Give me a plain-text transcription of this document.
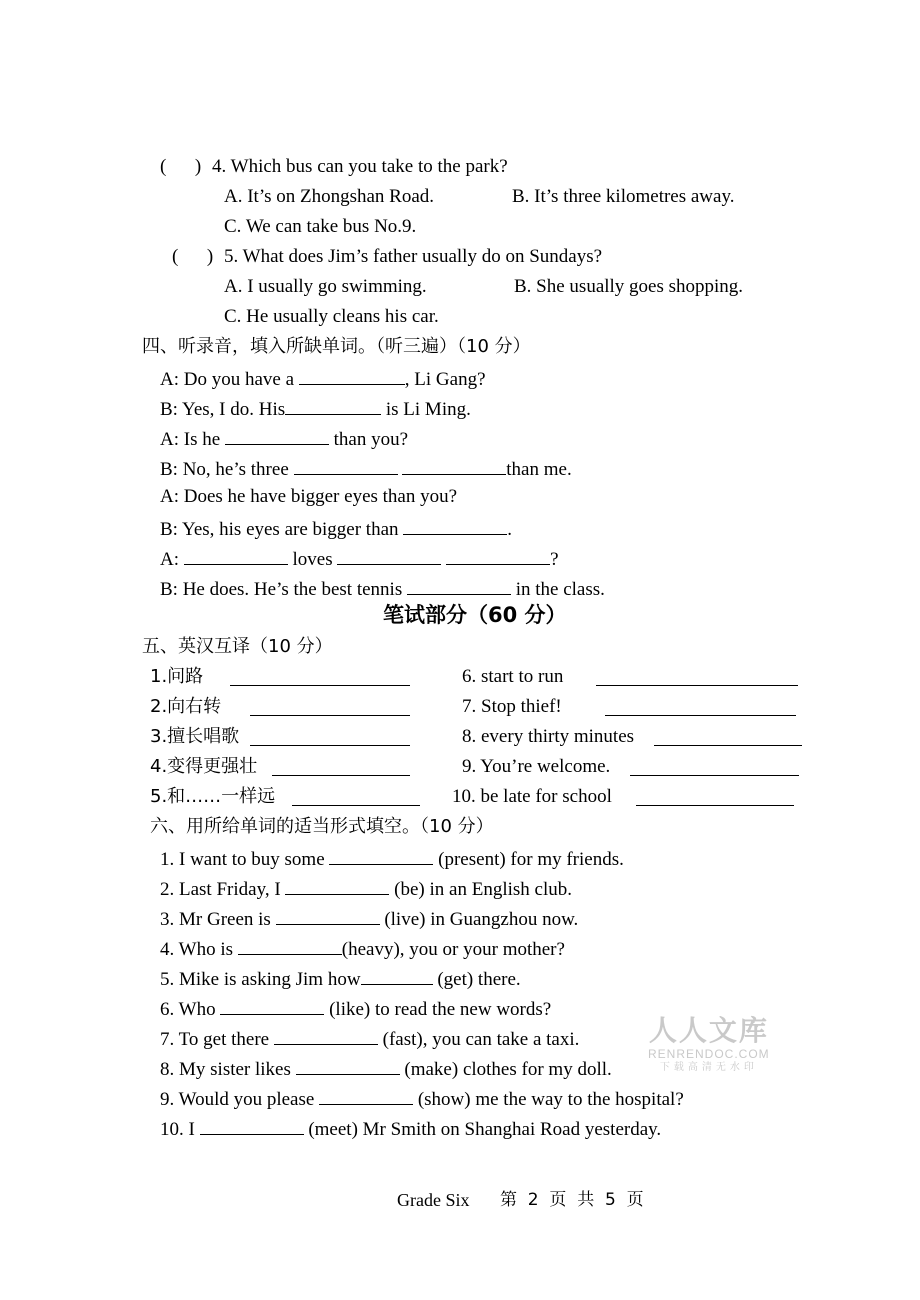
(      ) 4. Which bus can you take to the park?
A. It’s on Zhongshan Road.	B. It’s three kilometres away.
C. We can take bus No.9.
(      ) 5. What does Jim’s father usually do on Sundays?
A. I usually go swimming.	B. She usually goes shopping.
C. He usually cleans his car.
四、听录音，填入所缺单词。（听三遍）（10 分）
A: Do you have a	, Li Gang?
B: Yes, I do. His	is Li Ming.
A: Is he	than you?
B: No, he’s three	than me.
A: Does he have bigger eyes than you?
B: Yes, his eyes are bigger than	.
A:	loves	?
B: He does. He’s the best tennis	in the class.
笔试部分（60 分）
五、英汉互译（10 分）
1.问路
2.向右转
3.擅长唱歌
4.变得更强壮
5.和……一样远
6. start to run
7. Stop thief!
8. every thirty minutes
9. You’re welcome.
10. be late for school
六、用所给单词的适当形式填空。（10 分）
1. I want to buy some	(present) for my friends.
2. Last Friday, I	(be) in an English club.
3. Mr Green is	(live) in Guangzhou now.
4. Who is	(heavy), you or your mother?
5. Mike is asking Jim how	(get) there.
6. Who	(like) to read the new words?
7. To get there	(fast), you can take a taxi.
8. My sister likes	(make) clothes for my doll.
9. Would you please	(show) me the way to the hospital?
10. I	(meet) Mr Smith on Shanghai Road yesterday.
人人文库
RENRENDOC.COM
下载高清无水印
Grade Six 第  2  页  共  5  页
